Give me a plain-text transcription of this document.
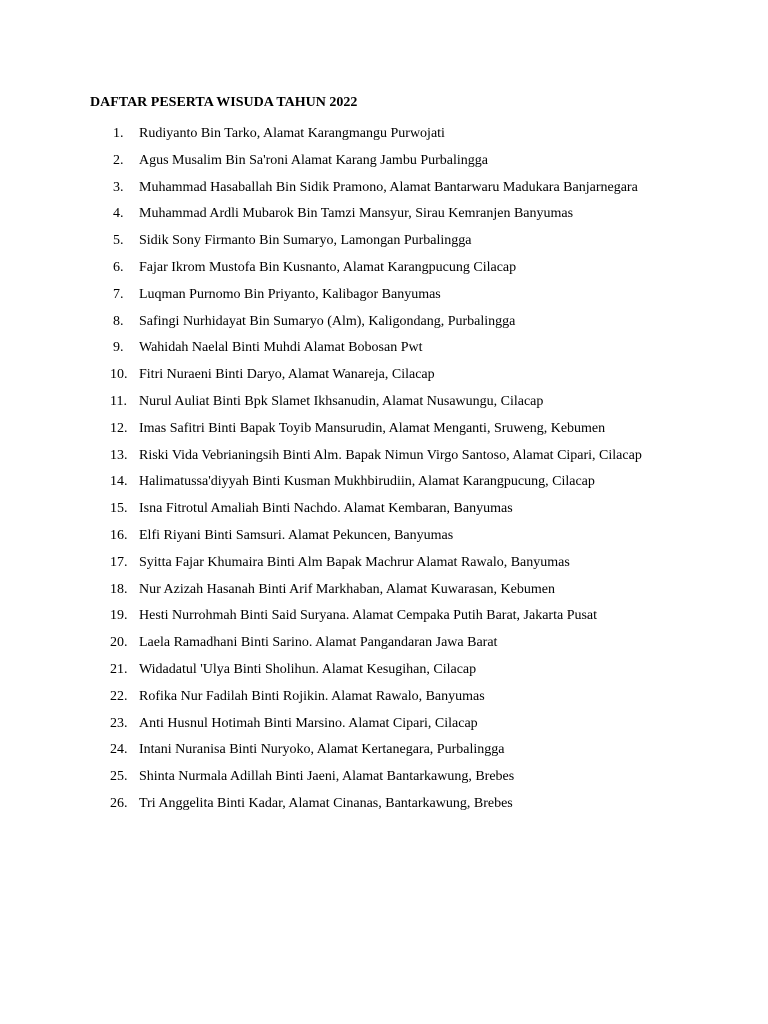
DAFTAR PESERTA WISUDA TAHUN 2022
1.	Rudiyanto Bin Tarko, Alamat Karangmangu Purwojati
2.	Agus Musalim Bin Sa'roni Alamat Karang Jambu Purbalingga
3.	Muhammad Hasaballah Bin Sidik Pramono, Alamat Bantarwaru Madukara Banjarnegara
4.	Muhammad Ardli Mubarok Bin Tamzi Mansyur, Sirau Kemranjen Banyumas
5.	Sidik Sony Firmanto Bin Sumaryo, Lamongan Purbalingga
6.	Fajar Ikrom Mustofa Bin Kusnanto, Alamat Karangpucung Cilacap
7.	Luqman Purnomo Bin Priyanto, Kalibagor Banyumas
8.	Safingi Nurhidayat Bin Sumaryo (Alm), Kaligondang, Purbalingga
9.	Wahidah Naelal Binti Muhdi Alamat Bobosan Pwt
10. Fitri Nuraeni Binti Daryo, Alamat Wanareja, Cilacap
11. Nurul Auliat Binti Bpk Slamet Ikhsanudin, Alamat Nusawungu, Cilacap
12. Imas Safitri Binti Bapak Toyib Mansurudin, Alamat Menganti, Sruweng, Kebumen
13. Riski Vida Vebrianingsih Binti Alm. Bapak Nimun Virgo Santoso, Alamat Cipari, Cilacap
14. Halimatussa'diyyah Binti Kusman Mukhbirudiin, Alamat Karangpucung, Cilacap
15. Isna Fitrotul Amaliah Binti Nachdo. Alamat Kembaran, Banyumas
16. Elfi Riyani Binti Samsuri. Alamat Pekuncen, Banyumas
17. Syitta Fajar Khumaira Binti Alm Bapak Machrur Alamat Rawalo, Banyumas
18. Nur Azizah Hasanah Binti Arif Markhaban, Alamat Kuwarasan, Kebumen
19. Hesti Nurrohmah Binti Said Suryana. Alamat Cempaka Putih Barat, Jakarta Pusat
20. Laela Ramadhani Binti Sarino. Alamat Pangandaran Jawa Barat
21. Widadatul 'Ulya Binti Sholihun. Alamat Kesugihan, Cilacap
22. Rofika Nur Fadilah Binti Rojikin. Alamat Rawalo, Banyumas
23. Anti Husnul Hotimah Binti Marsino. Alamat Cipari, Cilacap
24. Intani Nuranisa Binti Nuryoko, Alamat Kertanegara, Purbalingga
25. Shinta Nurmala Adillah Binti Jaeni, Alamat Bantarkawung, Brebes
26. Tri Anggelita Binti Kadar, Alamat Cinanas, Bantarkawung, Brebes
